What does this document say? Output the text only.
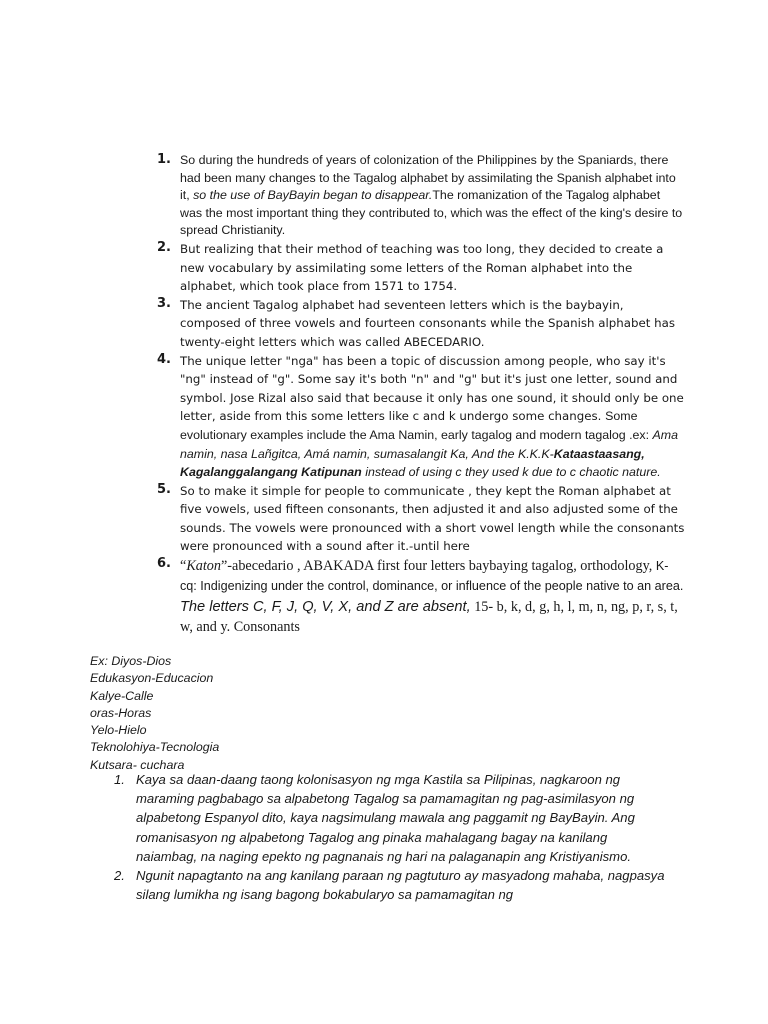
1. So during the hundreds of years of colonization of the Philippines by the Spaniards, there had been many changes to the Tagalog alphabet by assimilating the Spanish alphabet into it, so the use of BayBayin began to disappear.The romanization of the Tagalog alphabet was the most important thing they contributed to, which was the effect of the king's desire to spread Christianity.
2. But realizing that their method of teaching was too long, they decided to create a new vocabulary by assimilating some letters of the Roman alphabet into the alphabet, which took place from 1571 to 1754.
3. The ancient Tagalog alphabet had seventeen letters which is the baybayin, composed of three vowels and fourteen consonants while the Spanish alphabet has twenty-eight letters which was called ABECEDARIO.
4. The unique letter "nga" has been a topic of discussion among people, who say it's "ng" instead of "g". Some say it's both "n" and "g" but it's just one letter, sound and symbol. Jose Rizal also said that because it only has one sound, it should only be one letter, aside from this some letters like c and k undergo some changes. Some evolutionary examples include the Ama Namin, early tagalog and modern tagalog .ex: Ama namin, nasa Lañgitca, Amá namin, sumasalangit Ka, And the K.K.K-Kataastaasang, Kagalanggalangang Katipunan instead of using c they used k due to c chaotic nature.
5. So to make it simple for people to communicate , they kept the Roman alphabet at five vowels, used fifteen consonants, then adjusted it and also adjusted some of the sounds. The vowels were pronounced with a short vowel length while the consonants were pronounced with a sound after it.-until here
6. “Katon”-abecedario , ABAKADA first four letters baybaying tagalog, orthodology, K-cq: Indigenizing under the control, dominance, or influence of the people native to an area. The letters C, F, J, Q, V, X, and Z are absent, 15- b, k, d, g, h, l, m, n, ng, p, r, s, t, w, and y. Consonants
Ex: Diyos-Dios
Edukasyon-Educacion
Kalye-Calle
oras-Horas
Yelo-Hielo
Teknolohiya-Tecnologia
Kutsara- cuchara
1. Kaya sa daan-daang taong kolonisasyon ng mga Kastila sa Pilipinas, nagkaroon ng maraming pagbabago sa alpabetong Tagalog sa pamamagitan ng pag-asimilasyon ng alpabetong Espanyol dito, kaya nagsimulang mawala ang paggamit ng BayBayin. Ang romanisasyon ng alpabetong Tagalog ang pinaka mahalagang bagay na kanilang naiambag, na naging epekto ng pagnanais ng hari na palaganapin ang Kristiyanismo.
2. Ngunit napagtanto na ang kanilang paraan ng pagtuturo ay masyadong mahaba, nagpasya silang lumikha ng isang bagong bokabularyo sa pamamagitan ng
